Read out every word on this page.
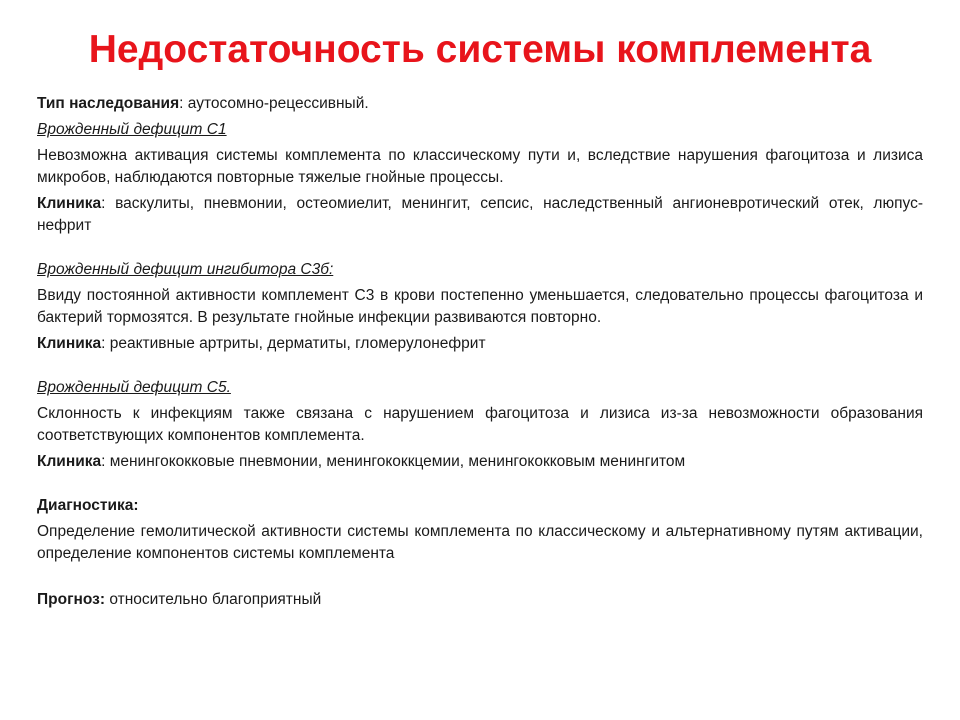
Недостаточность системы комплемента

Тип наследования: аутосомно-рецессивный.

Врожденный дефицит С1

Невозможна активация системы комплемента по классическому пути и, вследствие нарушения фагоцитоза и лизиса микробов, наблюдаются повторные тяжелые гнойные процессы.

Клиника: васкулиты, пневмонии, остеомиелит, менингит, сепсис, наследственный ангионевротический отек, люпус-нефрит

Врожденный дефицит ингибитора С3б:

Ввиду постоянной активности комплемент С3 в крови постепенно уменьшается, следовательно процессы фагоцитоза и бактерий тормозятся. В результате гнойные инфекции развиваются повторно.

Клиника: реактивные артриты, дерматиты, гломерулонефрит

Врожденный дефицит С5.

Склонность к инфекциям также связана с нарушением фагоцитоза и лизиса из-за невозможности образования соответствующих компонентов комплемента.

Клиника: менингококковые пневмонии, менингококкцемии, менингококковым менингитом

Диагностика:

Определение гемолитической активности системы комплемента по классическому и альтернативному путям активации, определение компонентов системы комплемента

Прогноз: относительно благоприятный
